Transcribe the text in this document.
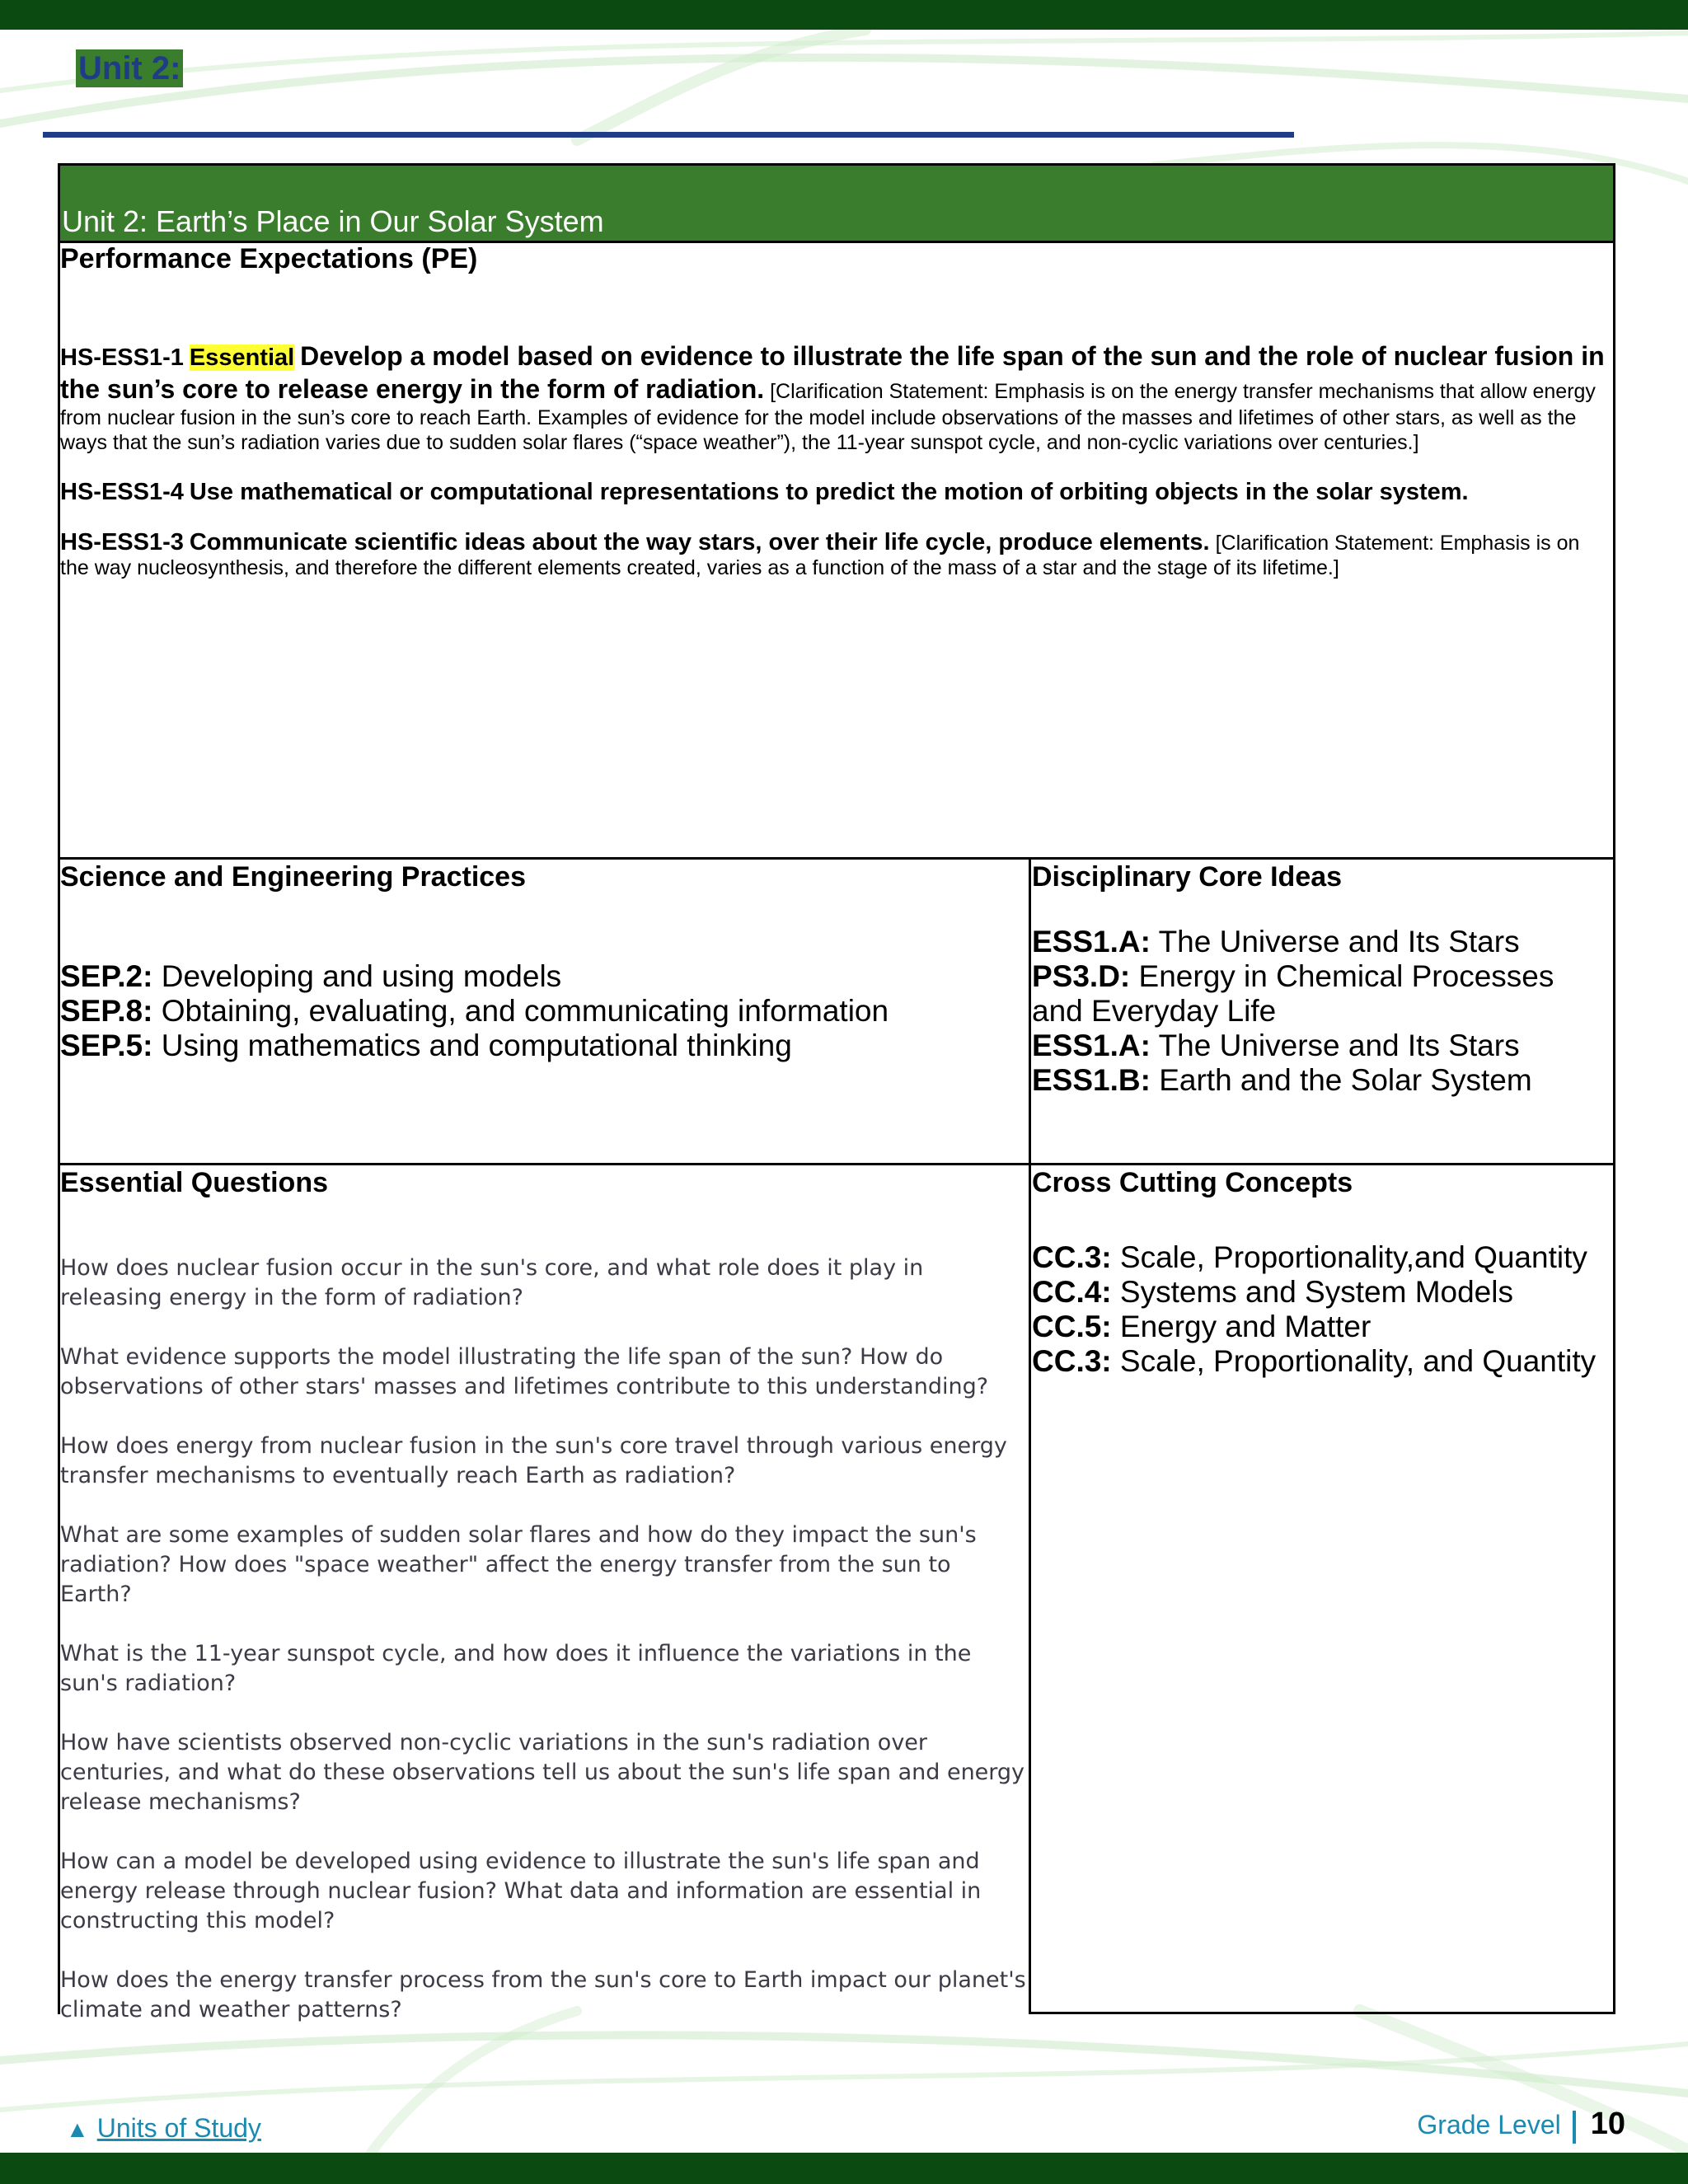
Unit 2:
Unit 2: Earth’s Place in Our Solar System

Performance Expectations (PE)

HS-ESS1-1 Essential Develop a model based on evidence to illustrate the life span of the sun and the role of nuclear fusion in the sun’s core to release energy in the form of radiation. [Clarification Statement: Emphasis is on the energy transfer mechanisms that allow energy from nuclear fusion in the sun’s core to reach Earth. Examples of evidence for the model include observations of the masses and lifetimes of other stars, as well as the ways that the sun’s radiation varies due to sudden solar flares (“space weather”), the 11-year sunspot cycle, and non-cyclic variations over centuries.]

HS-ESS1-4 Use mathematical or computational representations to predict the motion of orbiting objects in the solar system.

HS-ESS1-3 Communicate scientific ideas about the way stars, over their life cycle, produce elements. [Clarification Statement: Emphasis is on the way nucleosynthesis, and therefore the different elements created, varies as a function of the mass of a star and the stage of its lifetime.]

Science and Engineering Practices

SEP.2: Developing and using models
SEP.8: Obtaining, evaluating, and communicating information
SEP.5: Using mathematics and computational thinking

Disciplinary Core Ideas

ESS1.A: The Universe and Its Stars
PS3.D: Energy in Chemical Processes and Everyday Life
ESS1.A: The Universe and Its Stars
ESS1.B: Earth and the Solar System

Essential Questions

How does nuclear fusion occur in the sun's core, and what role does it play in releasing energy in the form of radiation?

What evidence supports the model illustrating the life span of the sun? How do observations of other stars' masses and lifetimes contribute to this understanding?

How does energy from nuclear fusion in the sun's core travel through various energy transfer mechanisms to eventually reach Earth as radiation?

What are some examples of sudden solar flares and how do they impact the sun's radiation? How does "space weather" affect the energy transfer from the sun to Earth?

What is the 11-year sunspot cycle, and how does it influence the variations in the sun's radiation?

How have scientists observed non-cyclic variations in the sun's radiation over centuries, and what do these observations tell us about the sun's life span and energy release mechanisms?

How can a model be developed using evidence to illustrate the sun's life span and energy release through nuclear fusion? What data and information are essential in constructing this model?

How does the energy transfer process from the sun's core to Earth impact our planet's climate and weather patterns?

Cross Cutting Concepts

CC.3: Scale, Proportionality,and Quantity
CC.4: Systems and System Models
CC.5: Energy and Matter
CC.3: Scale, Proportionality, and Quantity
▲ Units of Study	Grade Level 10
